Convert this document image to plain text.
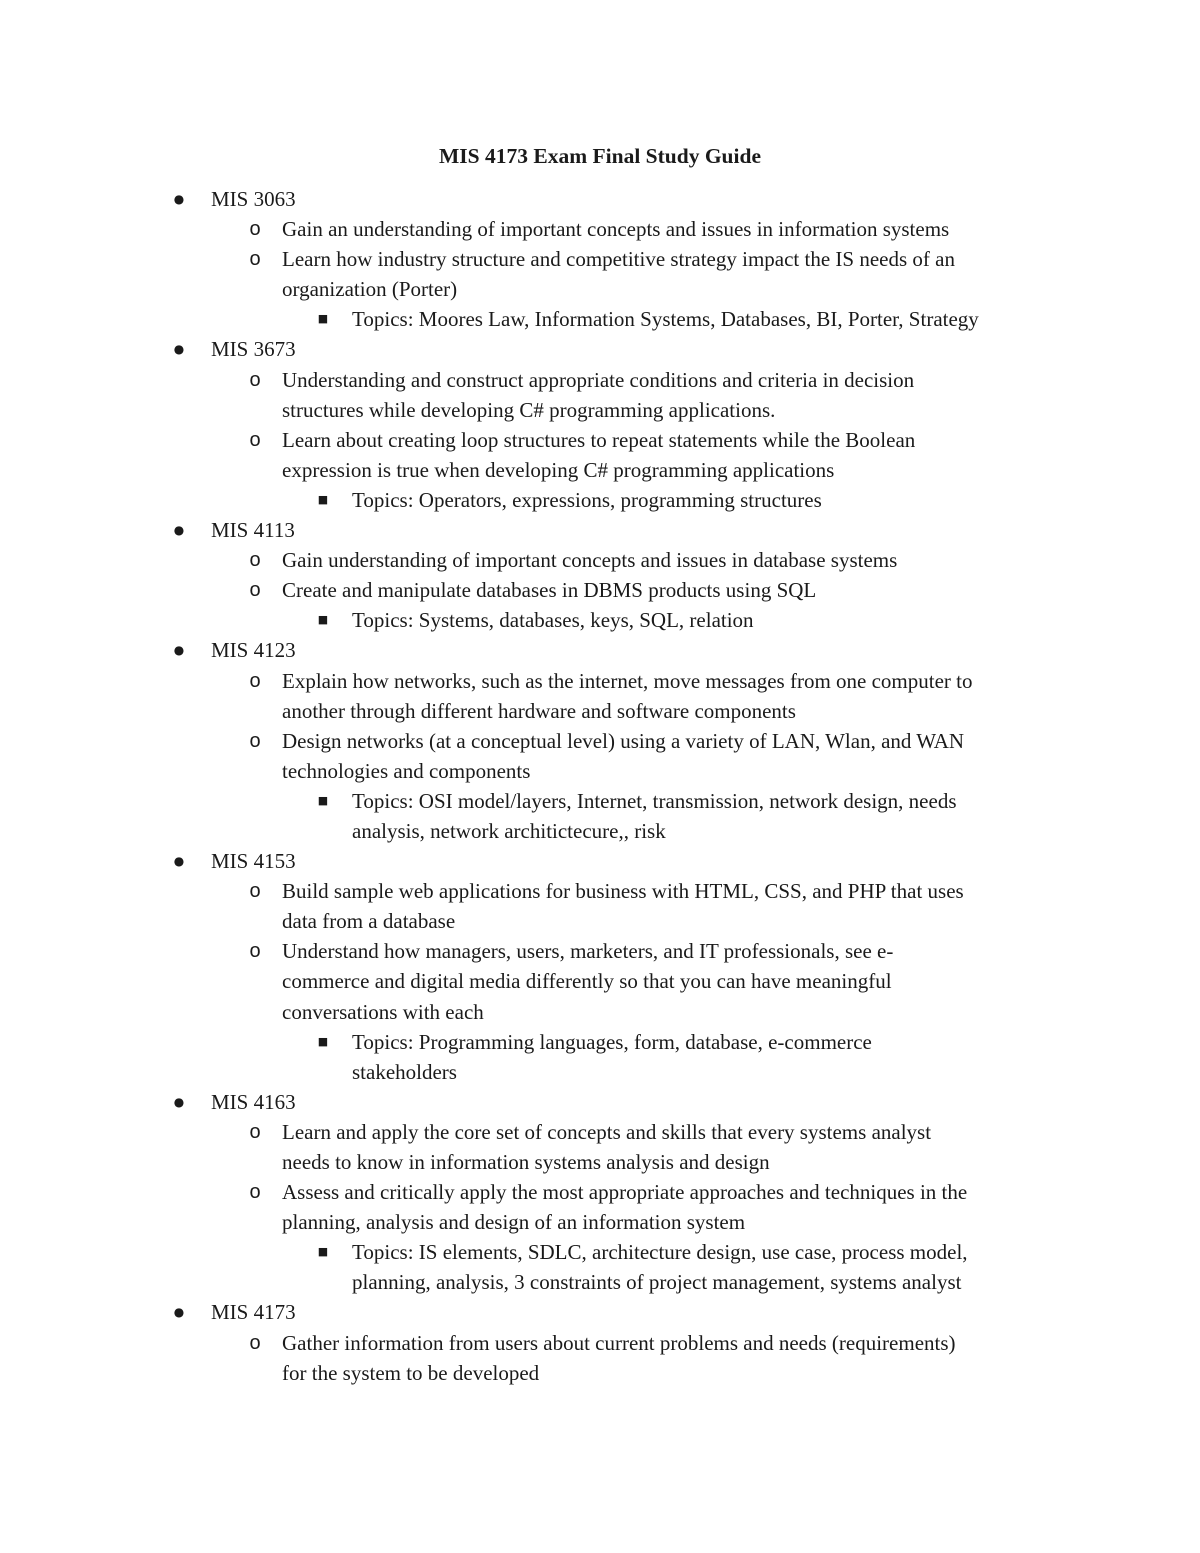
MIS 4173 Exam Final Study Guide
● MIS 3063
o Gain an understanding of important concepts and issues in information systems
o Learn how industry structure and competitive strategy impact the IS needs of an
organization (Porter)
■ Topics: Moores Law, Information Systems, Databases, BI, Porter, Strategy
● MIS 3673
o Understanding and construct appropriate conditions and criteria in decision
structures while developing C# programming applications.
o Learn about creating loop structures to repeat statements while the Boolean
expression is true when developing C# programming applications
■ Topics: Operators, expressions, programming structures
● MIS 4113
o Gain understanding of important concepts and issues in database systems
o Create and manipulate databases in DBMS products using SQL
■ Topics: Systems, databases, keys, SQL, relation
● MIS 4123
o Explain how networks, such as the internet, move messages from one computer to
another through different hardware and software components
o Design networks (at a conceptual level) using a variety of LAN, Wlan, and WAN
technologies and components
■ Topics: OSI model/layers, Internet, transmission, network design, needs
analysis, network architictecure,, risk
● MIS 4153
o Build sample web applications for business with HTML, CSS, and PHP that uses
data from a database
o Understand how managers, users, marketers, and IT professionals, see e-
commerce and digital media differently so that you can have meaningful
conversations with each
■ Topics: Programming languages, form, database, e-commerce
stakeholders
● MIS 4163
o Learn and apply the core set of concepts and skills that every systems analyst
needs to know in information systems analysis and design
o Assess and critically apply the most appropriate approaches and techniques in the
planning, analysis and design of an information system
■ Topics: IS elements, SDLC, architecture design, use case, process model,
planning, analysis, 3 constraints of project management, systems analyst
● MIS 4173
o Gather information from users about current problems and needs (requirements)
for the system to be developed
